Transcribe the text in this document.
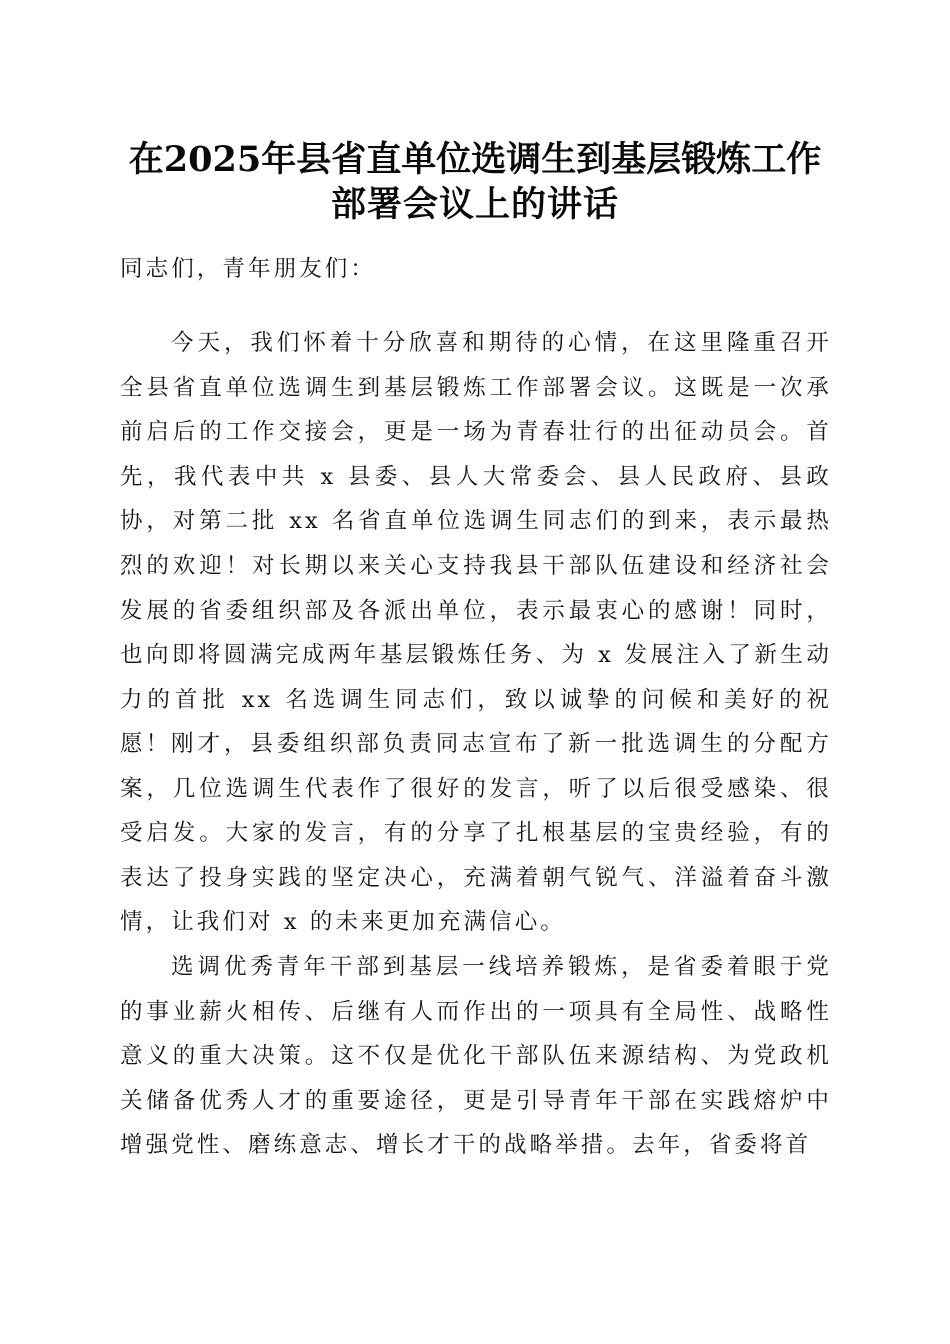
在2025年县省直单位选调生到基层锻炼工作
部署会议上的讲话
同志们，青年朋友们：
今天，我们怀着十分欣喜和期待的心情，在这里隆重召开全县省直单位选调生到基层锻炼工作部署会议。这既是一次承前启后的工作交接会，更是一场为青春壮行的出征动员会。首先，我代表中共 x 县委、县人大常委会、县人民政府、县政协，对第二批 xx 名省直单位选调生同志们的到来，表示最热烈的欢迎！对长期以来关心支持我县干部队伍建设和经济社会发展的省委组织部及各派出单位，表示最衷心的感谢！同时，也向即将圆满完成两年基层锻炼任务、为 x 发展注入了新生动力的首批 xx 名选调生同志们，致以诚挚的问候和美好的祝愿！ 刚才，县委组织部负责同志宣布了新一批选调生的分配方案，几位选调生代表作了很好的发言，听了以后很受感染、很受启发。大家的发言，有的分享了扎根基层的宝贵经验，有的表达了投身实践的坚定决心，充满着朝气锐气、洋溢着奋斗激情，让我们对 x 的未来更加充满信心。
选调优秀青年干部到基层一线培养锻炼，是省委着眼于党的事业薪火相传、后继有人而作出的一项具有全局性、战略性意义的重大决策。这不仅是优化干部队伍来源结构、为党政机关储备优秀人才的重要途径，更是引导青年干部在实践熔炉中增强党性、磨练意志、增长才干的战略举措。去年，省委将首
